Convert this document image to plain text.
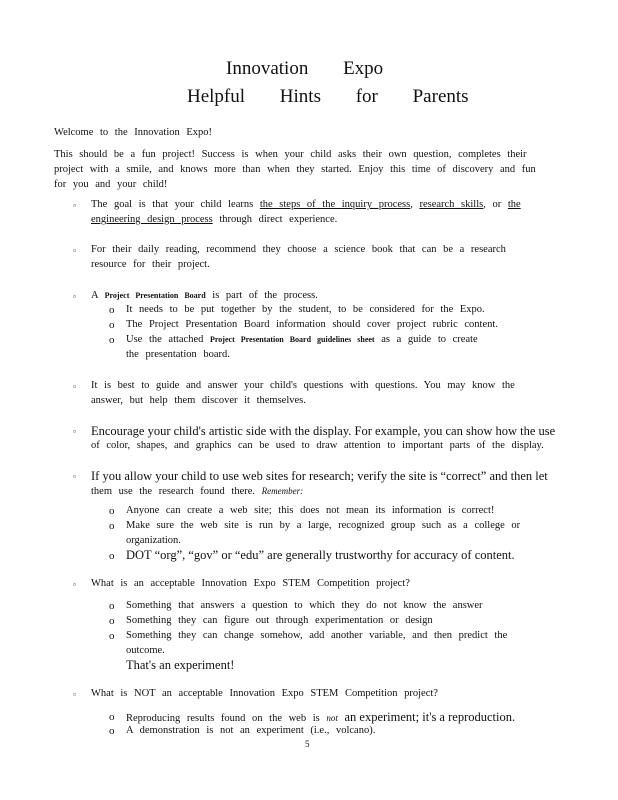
Innovation Expo
Helpful Hints for Parents
Welcome to the Innovation Expo!
This should be a fun project! Success is when your child asks their own question, completes their
project with a smile, and knows more than when they started. Enjoy this time of discovery and fun
for you and your child!
▫ The goal is that your child learns the steps of the inquiry process, research skills, or the
engineering design process through direct experience.
▫ For their daily reading, recommend they choose a science book that can be a research
resource for their project.
▫ A Project Presentation Board is part of the process.
o It needs to be put together by the student, to be considered for the Expo.
o The Project Presentation Board information should cover project rubric content.
o Use the attached Project Presentation Board guidelines sheet as a guide to create
the presentation board.
▫ It is best to guide and answer your child's questions with questions. You may know the
answer, but help them discover it themselves.
▫ Encourage your child's artistic side with the display. For example, you can show how the use
of color, shapes, and graphics can be used to draw attention to important parts of the display.
▫ If you allow your child to use web sites for research; verify the site is “correct” and then let
them use the research found there. Remember:
o Anyone can create a web site; this does not mean its information is correct!
o Make sure the web site is run by a large, recognized group such as a college or
organization.
o DOT “org”, “gov” or “edu” are generally trustworthy for accuracy of content.
▫ What is an acceptable Innovation Expo STEM Competition project?
o Something that answers a question to which they do not know the answer
o Something they can figure out through experimentation or design
o Something they can change somehow, add another variable, and then predict the
outcome.
That's an experiment!
▫ What is NOT an acceptable Innovation Expo STEM Competition project?
o Reproducing results found on the web is not an experiment; it's a reproduction.
o A demonstration is not an experiment (i.e., volcano).
5
